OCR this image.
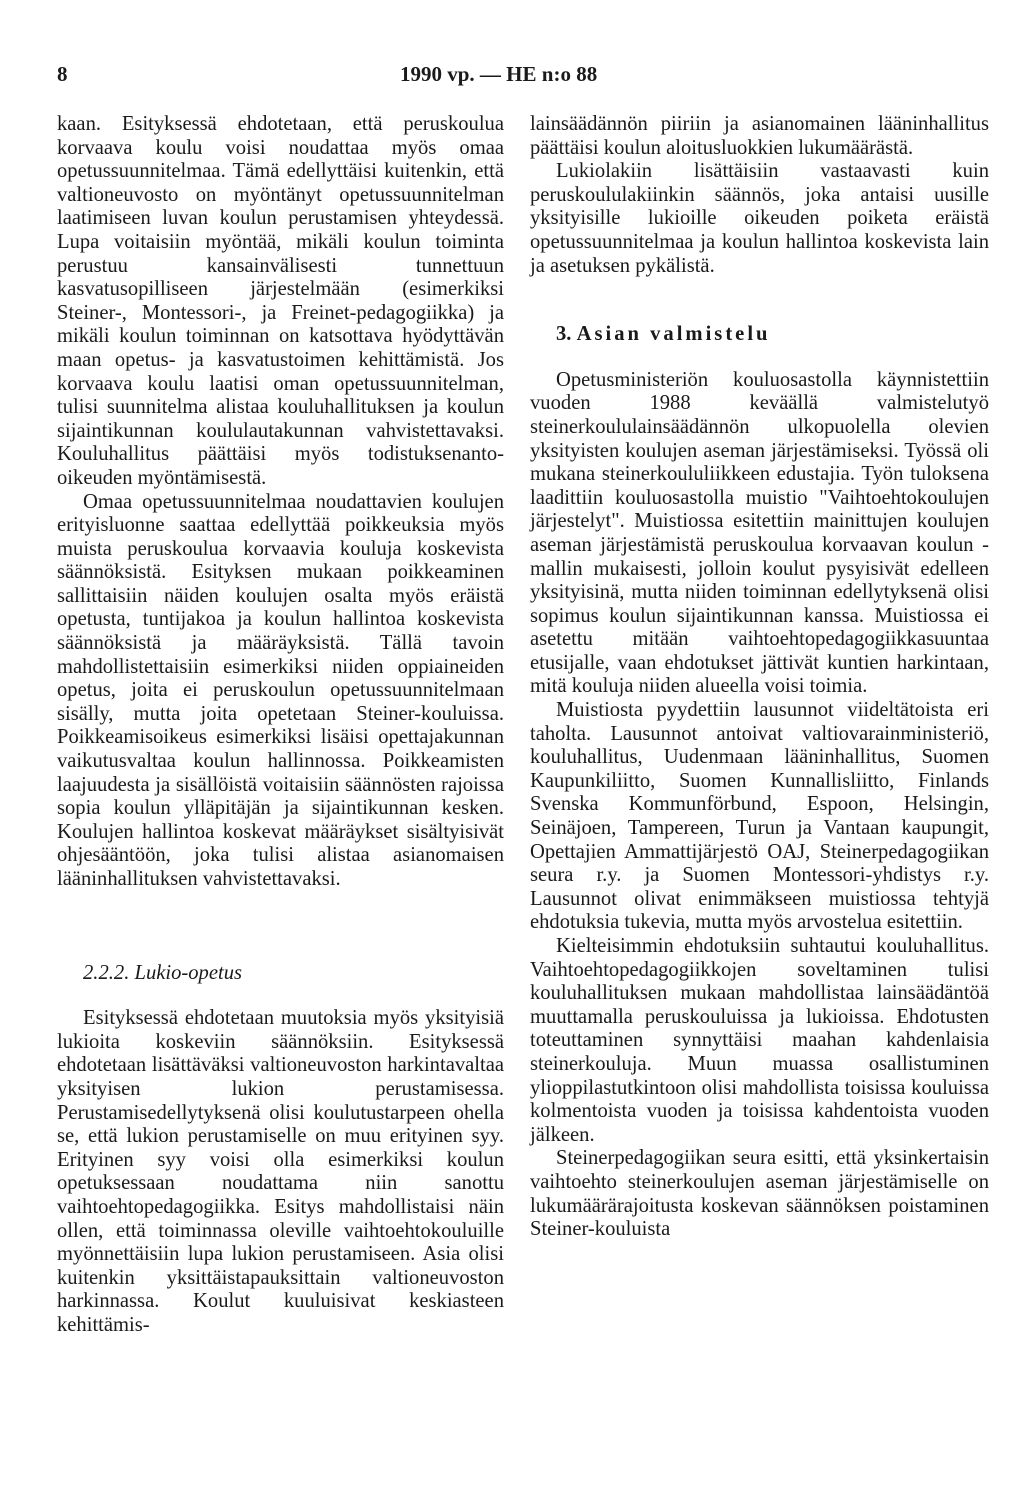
8	1990 vp. — HE n:o 88

kaan. Esityksessä ehdotetaan, että peruskoulua korvaava koulu voisi noudattaa myös omaa opetussuunnitelmaa. Tämä edellyttäisi kuitenkin, että valtioneuvosto on myöntänyt opetussuunnitelman laatimiseen luvan koulun perustamisen yhteydessä. Lupa voitaisiin myöntää, mikäli koulun toiminta perustuu kansainvälisesti tunnettuun kasvatusopilliseen järjestelmään (esimerkiksi Steiner-, Montessori-, ja Freinet-pedagogiikka) ja mikäli koulun toiminnan on katsottava hyödyttävän maan opetus- ja kasvatustoimen kehittämistä. Jos korvaava koulu laatisi oman opetussuunnitelman, tulisi suunnitelma alistaa kouluhallituksen ja koulun sijaintikunnan koululautakunnan vahvistettavaksi. Kouluhallitus päättäisi myös todistuksenanto-oikeuden myöntämisestä.

Omaa opetussuunnitelmaa noudattavien koulujen erityisluonne saattaa edellyttää poikkeuksia myös muista peruskoulua korvaavia kouluja koskevista säännöksistä. Esityksen mukaan poikkeaminen sallittaisiin näiden koulujen osalta myös eräistä opetusta, tuntijakoa ja koulun hallintoa koskevista säännöksistä ja määräyksistä. Tällä tavoin mahdollistettaisiin esimerkiksi niiden oppiaineiden opetus, joita ei peruskoulun opetussuunnitelmaan sisälly, mutta joita opetetaan Steiner-kouluissa. Poikkeamisoikeus esimerkiksi lisäisi opettajakunnan vaikutusvaltaa koulun hallinnossa. Poikkeamisten laajuudesta ja sisällöistä voitaisiin säännösten rajoissa sopia koulun ylläpitäjän ja sijaintikunnan kesken. Koulujen hallintoa koskevat määräykset sisältyisivät ohjesääntöön, joka tulisi alistaa asianomaisen lääninhallituksen vahvistettavaksi.

2.2.2. Lukio-opetus

Esityksessä ehdotetaan muutoksia myös yksityisiä lukioita koskeviin säännöksiin. Esityksessä ehdotetaan lisättäväksi valtioneuvoston harkintavaltaa yksityisen lukion perustamisessa. Perustamisedellytyksenä olisi koulutustarpeen ohella se, että lukion perustamiselle on muu erityinen syy. Erityinen syy voisi olla esimerkiksi koulun opetuksessaan noudattama niin sanottu vaihtoehtopedagogiikka. Esitys mahdollistaisi näin ollen, että toiminnassa oleville vaihtoehtokouluille myönnettäisiin lupa lukion perustamiseen. Asia olisi kuitenkin yksittäistapauksittain valtioneuvoston harkinnassa. Koulut kuuluisivat keskiasteen kehittämis-

lainsäädännön piiriin ja asianomainen lääninhallitus päättäisi koulun aloitusluokkien lukumäärästä.

Lukiolakiin lisättäisiin vastaavasti kuin peruskoululakiinkin säännös, joka antaisi uusille yksityisille lukioille oikeuden poiketa eräistä opetussuunnitelmaa ja koulun hallintoa koskevista lain ja asetuksen pykälistä.

3. Asian valmistelu

Opetusministeriön kouluosastolla käynnistettiin vuoden 1988 keväällä valmistelutyö steinerkoululainsäädännön ulkopuolella olevien yksityisten koulujen aseman järjestämiseksi. Työssä oli mukana steinerkoululiikkeen edustajia. Työn tuloksena laadittiin kouluosastolla muistio "Vaihtoehtokoulujen järjestelyt". Muistiossa esitettiin mainittujen koulujen aseman järjestämistä peruskoulua korvaavan koulun -mallin mukaisesti, jolloin koulut pysyisivät edelleen yksityisinä, mutta niiden toiminnan edellytyksenä olisi sopimus koulun sijaintikunnan kanssa. Muistiossa ei asetettu mitään vaihtoehtopedagogiikkasuuntaa etusijalle, vaan ehdotukset jättivät kuntien harkintaan, mitä kouluja niiden alueella voisi toimia.

Muistiosta pyydettiin lausunnot viideltätoista eri taholta. Lausunnot antoivat valtiovarainministeriö, kouluhallitus, Uudenmaan lääninhallitus, Suomen Kaupunkiliitto, Suomen Kunnallisliitto, Finlands Svenska Kommunförbund, Espoon, Helsingin, Seinäjoen, Tampereen, Turun ja Vantaan kaupungit, Opettajien Ammattijärjestö OAJ, Steinerpedagogiikan seura r.y. ja Suomen Montessori-yhdistys r.y. Lausunnot olivat enimmäkseen muistiossa tehtyjä ehdotuksia tukevia, mutta myös arvostelua esitettiin.

Kielteisimmin ehdotuksiin suhtautui kouluhallitus. Vaihtoehtopedagogiikkojen soveltaminen tulisi kouluhallituksen mukaan mahdollistaa lainsäädäntöä muuttamalla peruskouluissa ja lukioissa. Ehdotusten toteuttaminen synnyttäisi maahan kahdenlaisia steinerkouluja. Muun muassa osallistuminen ylioppilastutkintoon olisi mahdollista toisissa kouluissa kolmentoista vuoden ja toisissa kahdentoista vuoden jälkeen.

Steinerpedagogiikan seura esitti, että yksinkertaisin vaihtoehto steinerkoulujen aseman järjestämiselle on lukumäärärajoitusta koskevan säännöksen poistaminen Steiner-kouluista
